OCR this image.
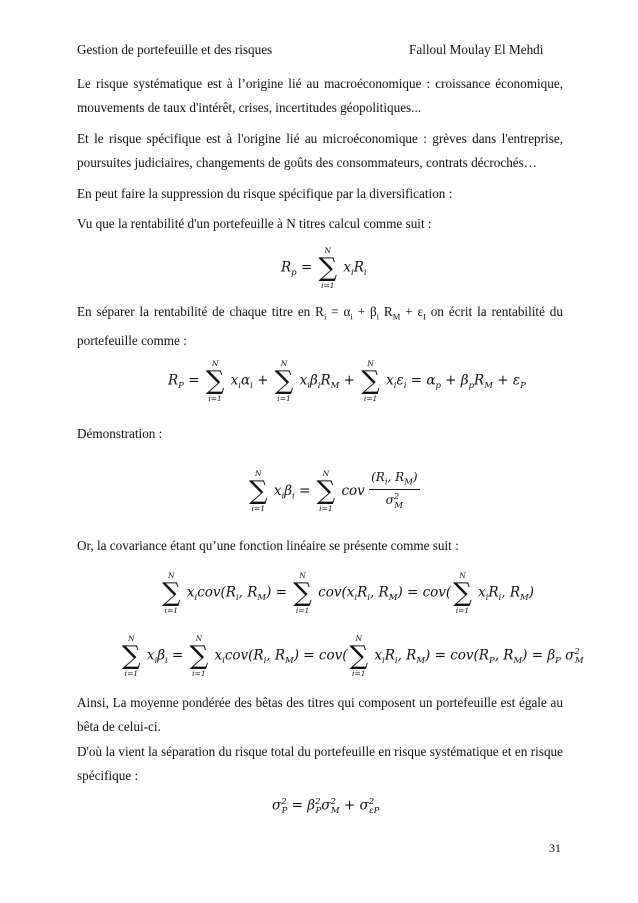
Gestion de portefeuille et des risques	Falloul Moulay El Mehdi
Le risque systématique est à l’origine lié au macroéconomique : croissance économique, mouvements de taux d'intérêt, crises, incertitudes géopolitiques...
Et le risque spécifique est à l'origine lié au microéconomique : grèves dans l'entreprise, poursuites judiciaires, changements de goûts des consommateurs, contrats décrochés…
En peut faire la suppression du risque spécifique par la diversification :
Vu que la rentabilité d'un portefeuille à N titres calcul comme suit :
$R_p$ = ∑
N
i=1
$x_iR_i$
En séparer la rentabilité de chaque titre en $R_i = \alpha_i + \beta_i$ $R_M + \varepsilon_I$ on écrit la rentabilité du portefeuille comme :
$R_P$ = ∑
N
i=1
$x_i\alpha_i$ + ∑
N
i=1
$x_i\beta_iR_M$ + ∑
N
i=1
$x_i\varepsilon_i = \alpha_p + \beta_pR_M + \varepsilon_P$
Démonstration :
∑
N
i=1
$x_i\beta_i$ = ∑
N
i=1
cov $\frac{(R_i, R_M)}{\sigma^2_M}$
Or, la covariance étant qu’une fonction linéaire se présente comme suit :
∑
N
i=1
$x_icov(R_i$, $R_M$) = ∑
N
i=1
$cov(x_iR_i$, $R_M) = cov(\sum$
N
i=1
$x_iR_i$, $R_M$)
∑
N
i=1
$x_i\beta_i$ = ∑
N
i=1
$x_icov(R_i$, $R_M) = cov(\sum$
N
i=1
$x_iR_i$, $R_M) = cov(R_P$, $R_M) = \beta_P$ $\sigma^2_M$
Ainsi, La moyenne pondérée des bêtas des titres qui composent un portefeuille est égale au bêta de celui-ci.
D'où la vient la séparation du risque total du portefeuille en risque systématique et en risque spécifique :
$\sigma^2_P = \beta^2_P\sigma^2_M + \sigma^2_{\varepsilon P}$
31
